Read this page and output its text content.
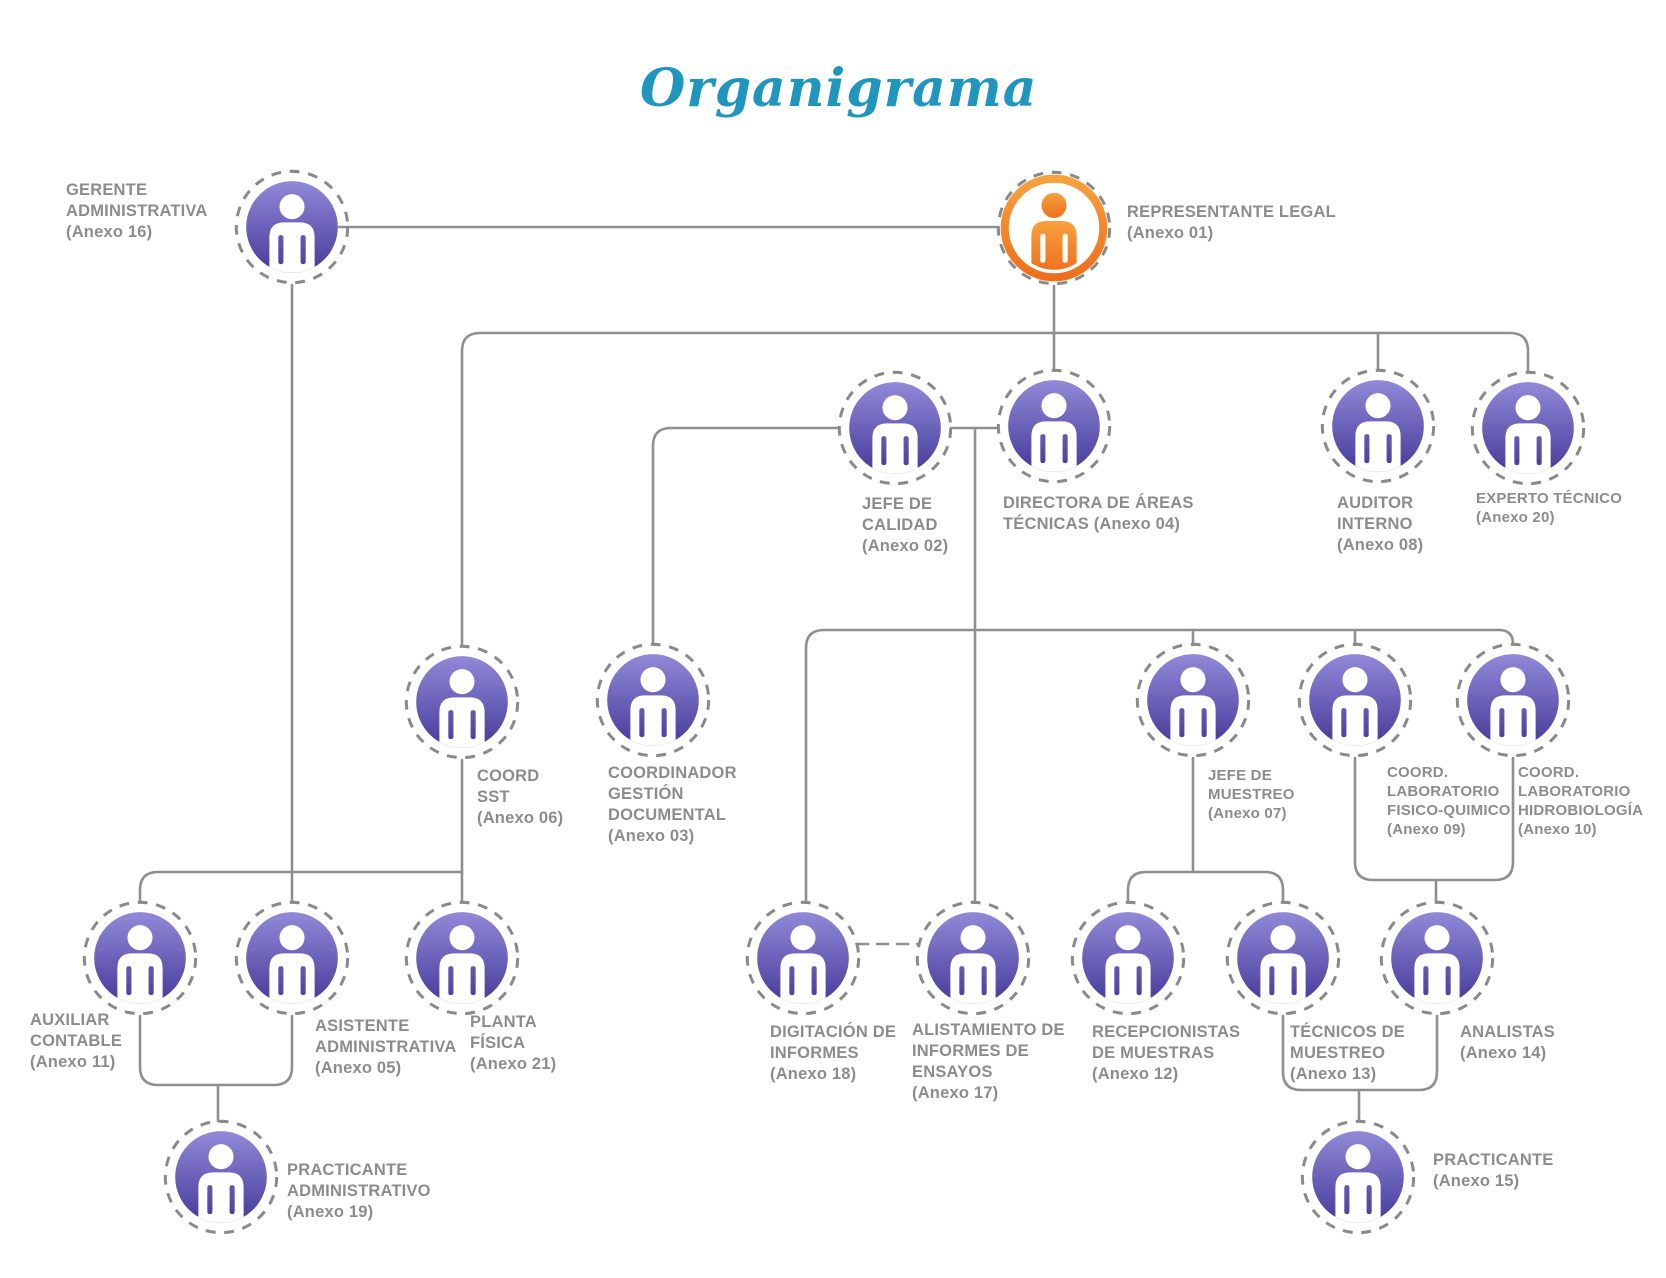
Organigrama
GERENTE
ADMINISTRATIVA
(Anexo 16)
REPRESENTANTE LEGAL
(Anexo 01)
JEFE DE
CALIDAD
(Anexo 02)
DIRECTORA DE ÁREAS
TÉCNICAS (Anexo 04)
AUDITOR
INTERNO
(Anexo 08)
EXPERTO TÉCNICO
(Anexo 20)
COORD
SST
(Anexo 06)
COORDINADOR
GESTIÓN
DOCUMENTAL
(Anexo 03)
JEFE DE
MUESTREO
(Anexo 07)
COORD.
LABORATORIO
FISICO-QUIMICO
(Anexo 09)
COORD.
LABORATORIO
HIDROBIOLOGÍA
(Anexo 10)
AUXILIAR
CONTABLE
(Anexo 11)
ASISTENTE
ADMINISTRATIVA
(Anexo 05)
PLANTA
FÍSICA
(Anexo 21)
DIGITACIÓN DE
INFORMES
(Anexo 18)
ALISTAMIENTO DE
INFORMES DE
ENSAYOS
(Anexo 17)
RECEPCIONISTAS
DE MUESTRAS
(Anexo 12)
TÉCNICOS DE
MUESTREO
(Anexo 13)
ANALISTAS
(Anexo 14)
PRACTICANTE
ADMINISTRATIVO
(Anexo 19)
PRACTICANTE
(Anexo 15)
